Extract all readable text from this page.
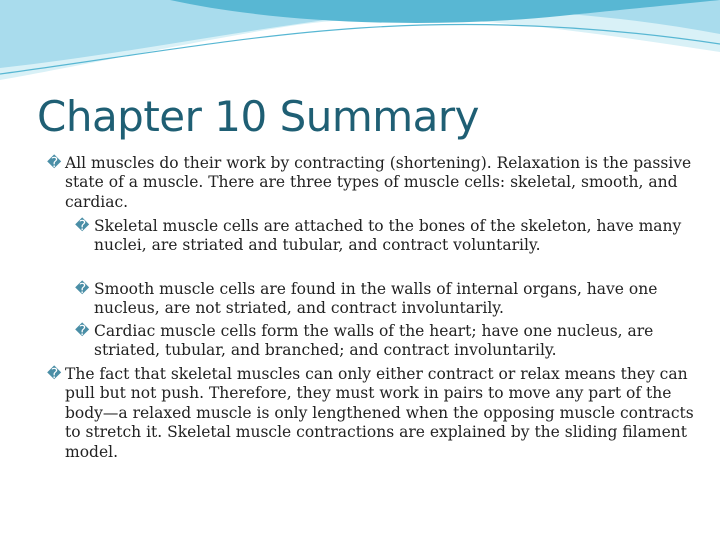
Chapter 10 Summary

� All muscles do their work by contracting (shortening). Relaxation is the passive state of a muscle. There are three types of muscle cells: skeletal, smooth, and cardiac.

� Skeletal muscle cells are attached to the bones of the skeleton, have many nuclei, are striated and tubular, and contract voluntarily.

� Smooth muscle cells are found in the walls of internal organs, have one nucleus, are not striated, and contract involuntarily.

� Cardiac muscle cells form the walls of the heart; have one nucleus, are striated, tubular, and branched; and contract involuntarily.

� The fact that skeletal muscles can only either contract or relax means they can pull but not push. Therefore, they must work in pairs to move any part of the body—a relaxed muscle is only lengthened when the opposing muscle contracts to stretch it. Skeletal muscle contractions are explained by the sliding filament model.
